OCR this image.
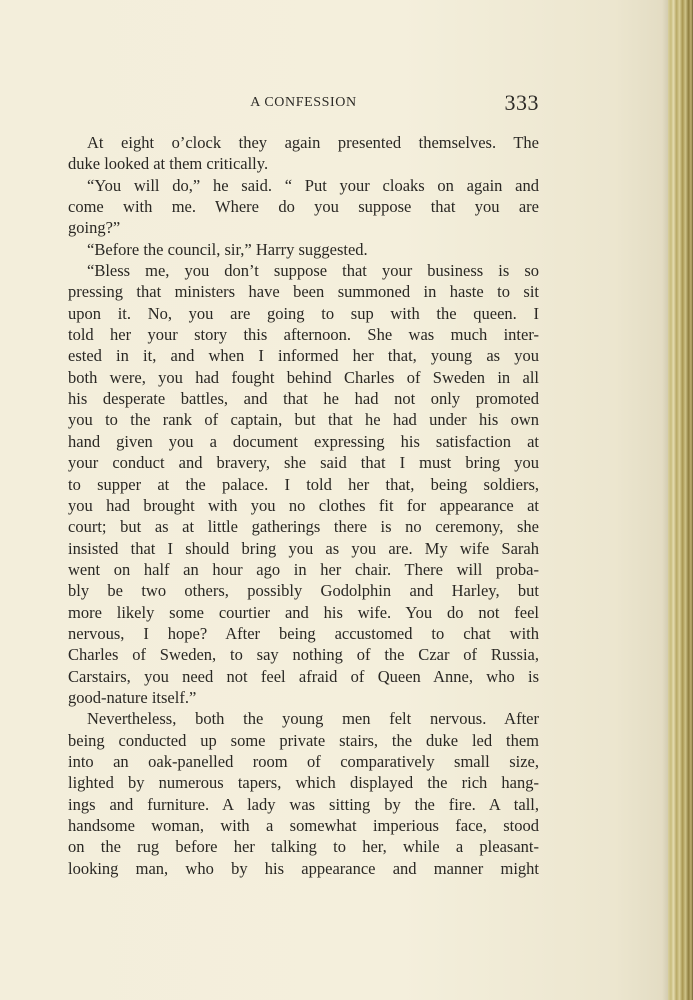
A CONFESSION	333
At eight o’clock they again presented themselves. The
duke looked at them critically.
“You will do,” he said. “ Put your cloaks on again and
come with me. Where do you suppose that you are
going?”
“Before the council, sir,” Harry suggested.
“Bless me, you don’t suppose that your business is so
pressing that ministers have been summoned in haste to sit
upon it. No, you are going to sup with the queen. I
told her your story this afternoon. She was much inter-
ested in it, and when I informed her that, young as you
both were, you had fought behind Charles of Sweden in all
his desperate battles, and that he had not only promoted
you to the rank of captain, but that he had under his own
hand given you a document expressing his satisfaction at
your conduct and bravery, she said that I must bring you
to supper at the palace. I told her that, being soldiers,
you had brought with you no clothes fit for appearance at
court; but as at little gatherings there is no ceremony, she
insisted that I should bring you as you are. My wife Sarah
went on half an hour ago in her chair. There will proba-
bly be two others, possibly Godolphin and Harley, but
more likely some courtier and his wife. You do not feel
nervous, I hope? After being accustomed to chat with
Charles of Sweden, to say nothing of the Czar of Russia,
Carstairs, you need not feel afraid of Queen Anne, who is
good-nature itself.”
Nevertheless, both the young men felt nervous. After
being conducted up some private stairs, the duke led them
into an oak-panelled room of comparatively small size,
lighted by numerous tapers, which displayed the rich hang-
ings and furniture. A lady was sitting by the fire. A tall,
handsome woman, with a somewhat imperious face, stood
on the rug before her talking to her, while a pleasant-
looking man, who by his appearance and manner might
